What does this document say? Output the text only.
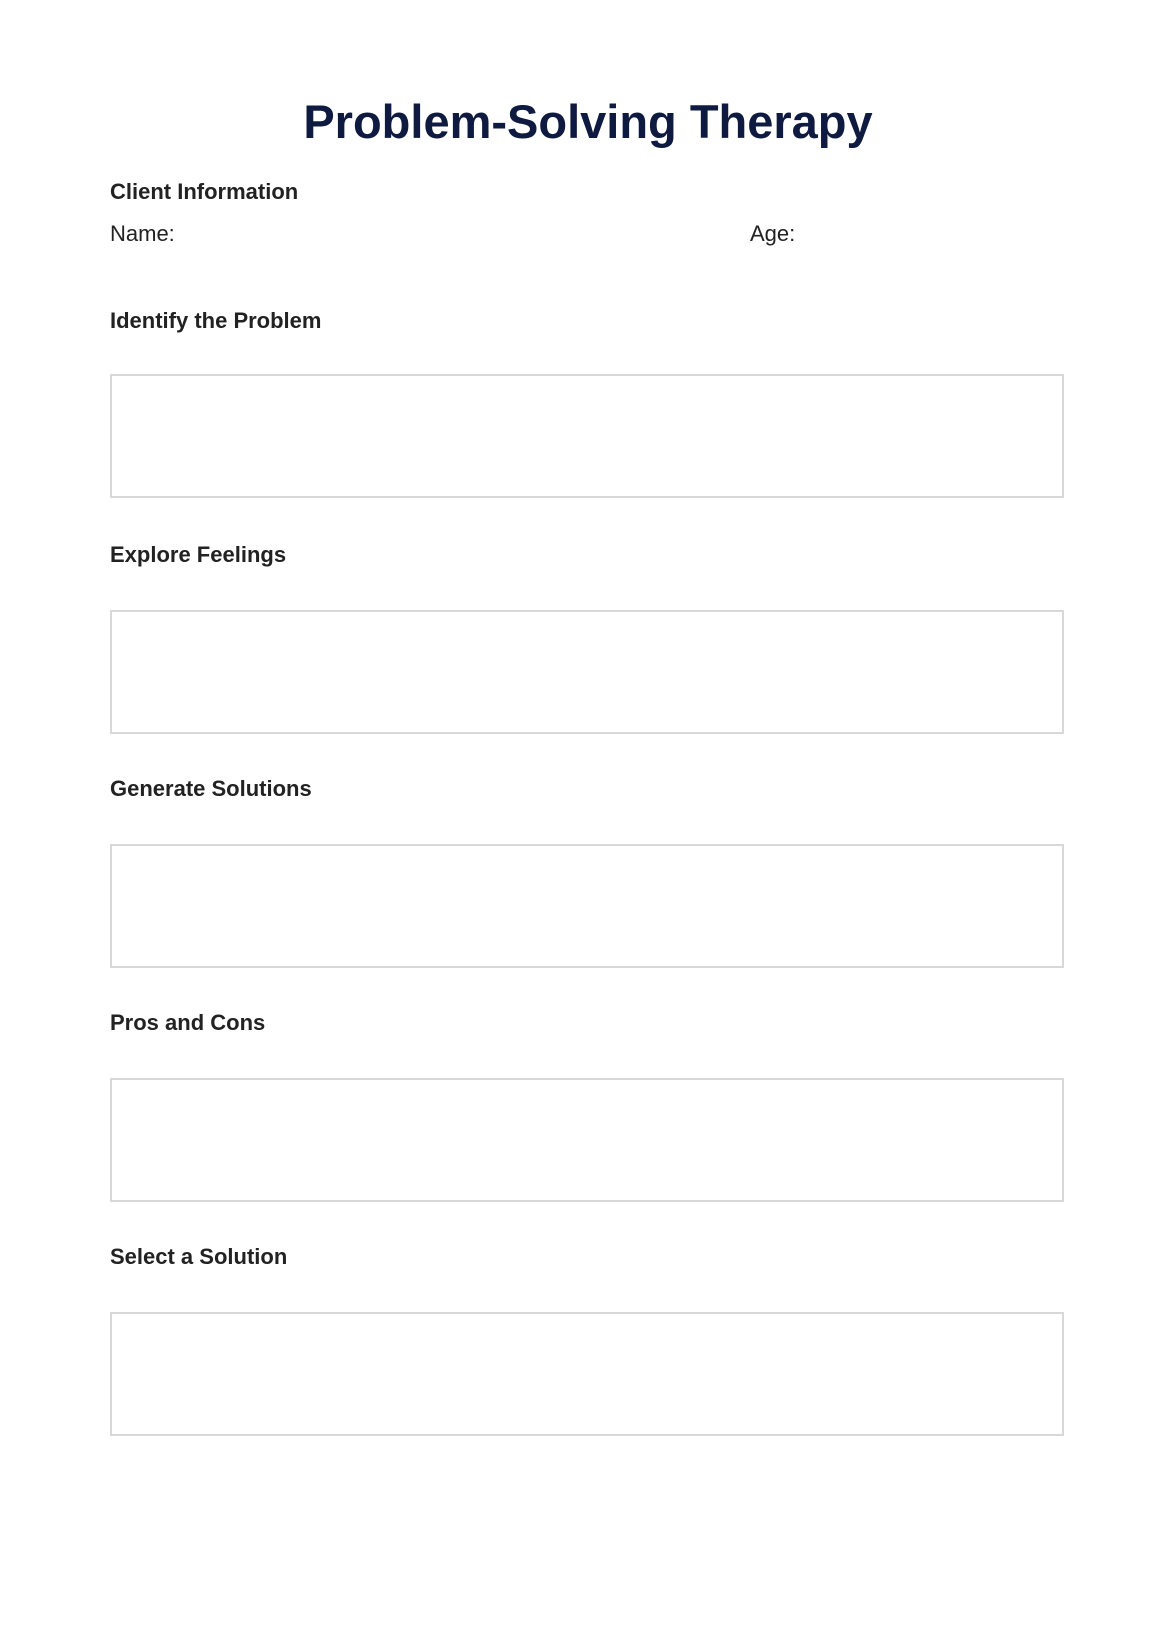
Problem-Solving Therapy
Client Information
Name:	Age:
Identify the Problem
Explore Feelings
Generate Solutions
Pros and Cons
Select a Solution
